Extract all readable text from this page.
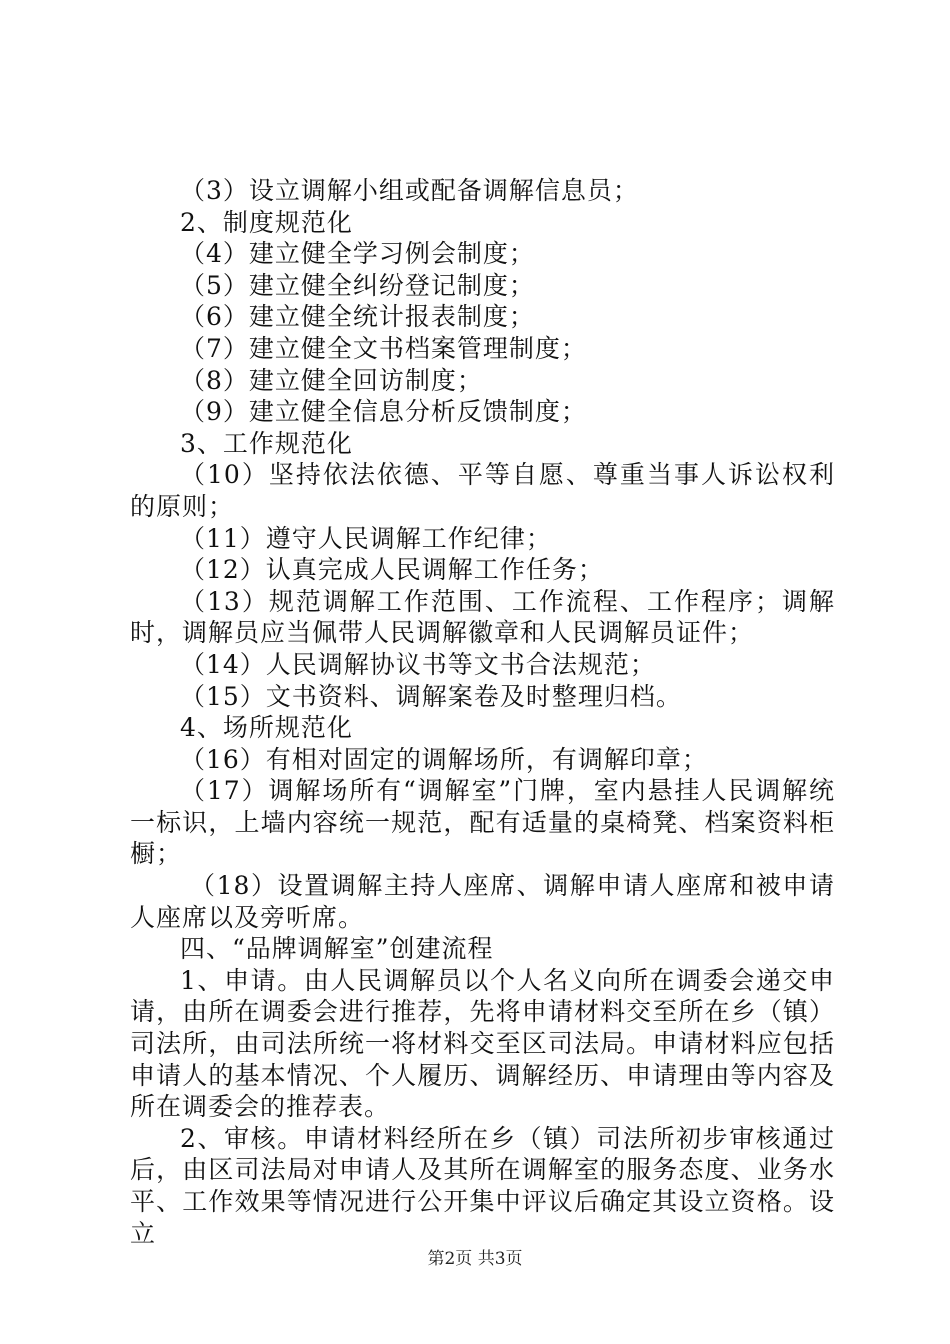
（3）设立调解小组或配备调解信息员；

2、制度规范化

（4）建立健全学习例会制度；

（5）建立健全纠纷登记制度；

（6）建立健全统计报表制度；

（7）建立健全文书档案管理制度；

（8）建立健全回访制度；

（9）建立健全信息分析反馈制度；

3、工作规范化

（10）坚持依法依德、平等自愿、尊重当事人诉讼权利的原则；

（11）遵守人民调解工作纪律；

（12）认真完成人民调解工作任务；

（13）规范调解工作范围、工作流程、工作程序；调解时，调解员应当佩带人民调解徽章和人民调解员证件；

（14）人民调解协议书等文书合法规范；

（15）文书资料、调解案卷及时整理归档。

4、场所规范化

（16）有相对固定的调解场所，有调解印章；

（17）调解场所有“调解室”门牌，室内悬挂人民调解统一标识，上墙内容统一规范，配有适量的桌椅凳、档案资料柜橱；

（18）设置调解主持人座席、调解申请人座席和被申请人座席以及旁听席。

四、“品牌调解室”创建流程

1、申请。由人民调解员以个人名义向所在调委会递交申请，由所在调委会进行推荐，先将申请材料交至所在乡（镇）司法所，由司法所统一将材料交至区司法局。申请材料应包括申请人的基本情况、个人履历、调解经历、申请理由等内容及所在调委会的推荐表。

2、审核。申请材料经所在乡（镇）司法所初步审核通过后，由区司法局对申请人及其所在调解室的服务态度、业务水平、工作效果等情况进行公开集中评议后确定其设立资格。设立

第2页 共3页
